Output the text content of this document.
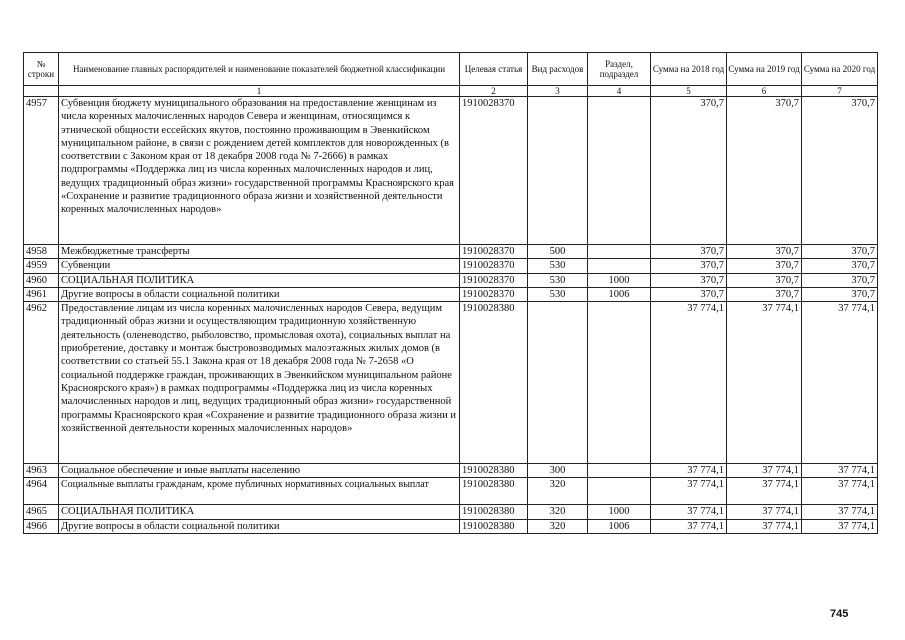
№ строки	Наименование главных распорядителей и наименование показателей бюджетной классификации	Целевая статья	Вид расходов	Раздел, подраздел	Сумма на 2018 год	Сумма на 2019 год	Сумма на 2020 год
	1	2	3	4	5	6	7
4957	Субвенция бюджету муниципального образования на предоставление женщинам из числа коренных малочисленных народов Севера и женщинам, относящимся к этнической общности ессейских якутов, постоянно проживающим в Эвенкийском муниципальном районе, в связи с рождением детей комплектов для новорожденных (в соответствии с Законом края от 18 декабря 2008 года № 7-2666) в рамках подпрограммы «Поддержка лиц из числа коренных малочисленных народов и лиц, ведущих традиционный образ жизни» государственной программы Красноярского края «Сохранение и развитие традиционного образа жизни и хозяйственной деятельности коренных малочисленных народов»	1910028370			370,7	370,7	370,7
4958	Межбюджетные трансферты	1910028370	500		370,7	370,7	370,7
4959	Субвенции	1910028370	530		370,7	370,7	370,7
4960	СОЦИАЛЬНАЯ ПОЛИТИКА	1910028370	530	1000	370,7	370,7	370,7
4961	Другие вопросы в области социальной политики	1910028370	530	1006	370,7	370,7	370,7
4962	Предоставление лицам из числа коренных малочисленных народов Севера, ведущим традиционный образ жизни и осуществляющим традиционную хозяйственную деятельность (оленеводство, рыболовство, промысловая охота), социальных выплат на приобретение, доставку и монтаж быстровозводимых малоэтажных жилых домов (в соответствии со статьей 55.1 Закона края от 18 декабря 2008 года № 7-2658 «О социальной поддержке граждан, проживающих в Эвенкийском муниципальном районе Красноярского края») в рамках подпрограммы «Поддержка лиц из числа коренных малочисленных народов и лиц, ведущих традиционный образ жизни» государственной программы Красноярского края «Сохранение и развитие традиционного образа жизни и хозяйственной деятельности коренных малочисленных народов»	1910028380			37 774,1	37 774,1	37 774,1
4963	Социальное обеспечение и иные выплаты населению	1910028380	300		37 774,1	37 774,1	37 774,1
4964	Социальные выплаты гражданам, кроме публичных нормативных социальных выплат	1910028380	320		37 774,1	37 774,1	37 774,1
4965	СОЦИАЛЬНАЯ ПОЛИТИКА	1910028380	320	1000	37 774,1	37 774,1	37 774,1
4966	Другие вопросы в области социальной политики	1910028380	320	1006	37 774,1	37 774,1	37 774,1
745
